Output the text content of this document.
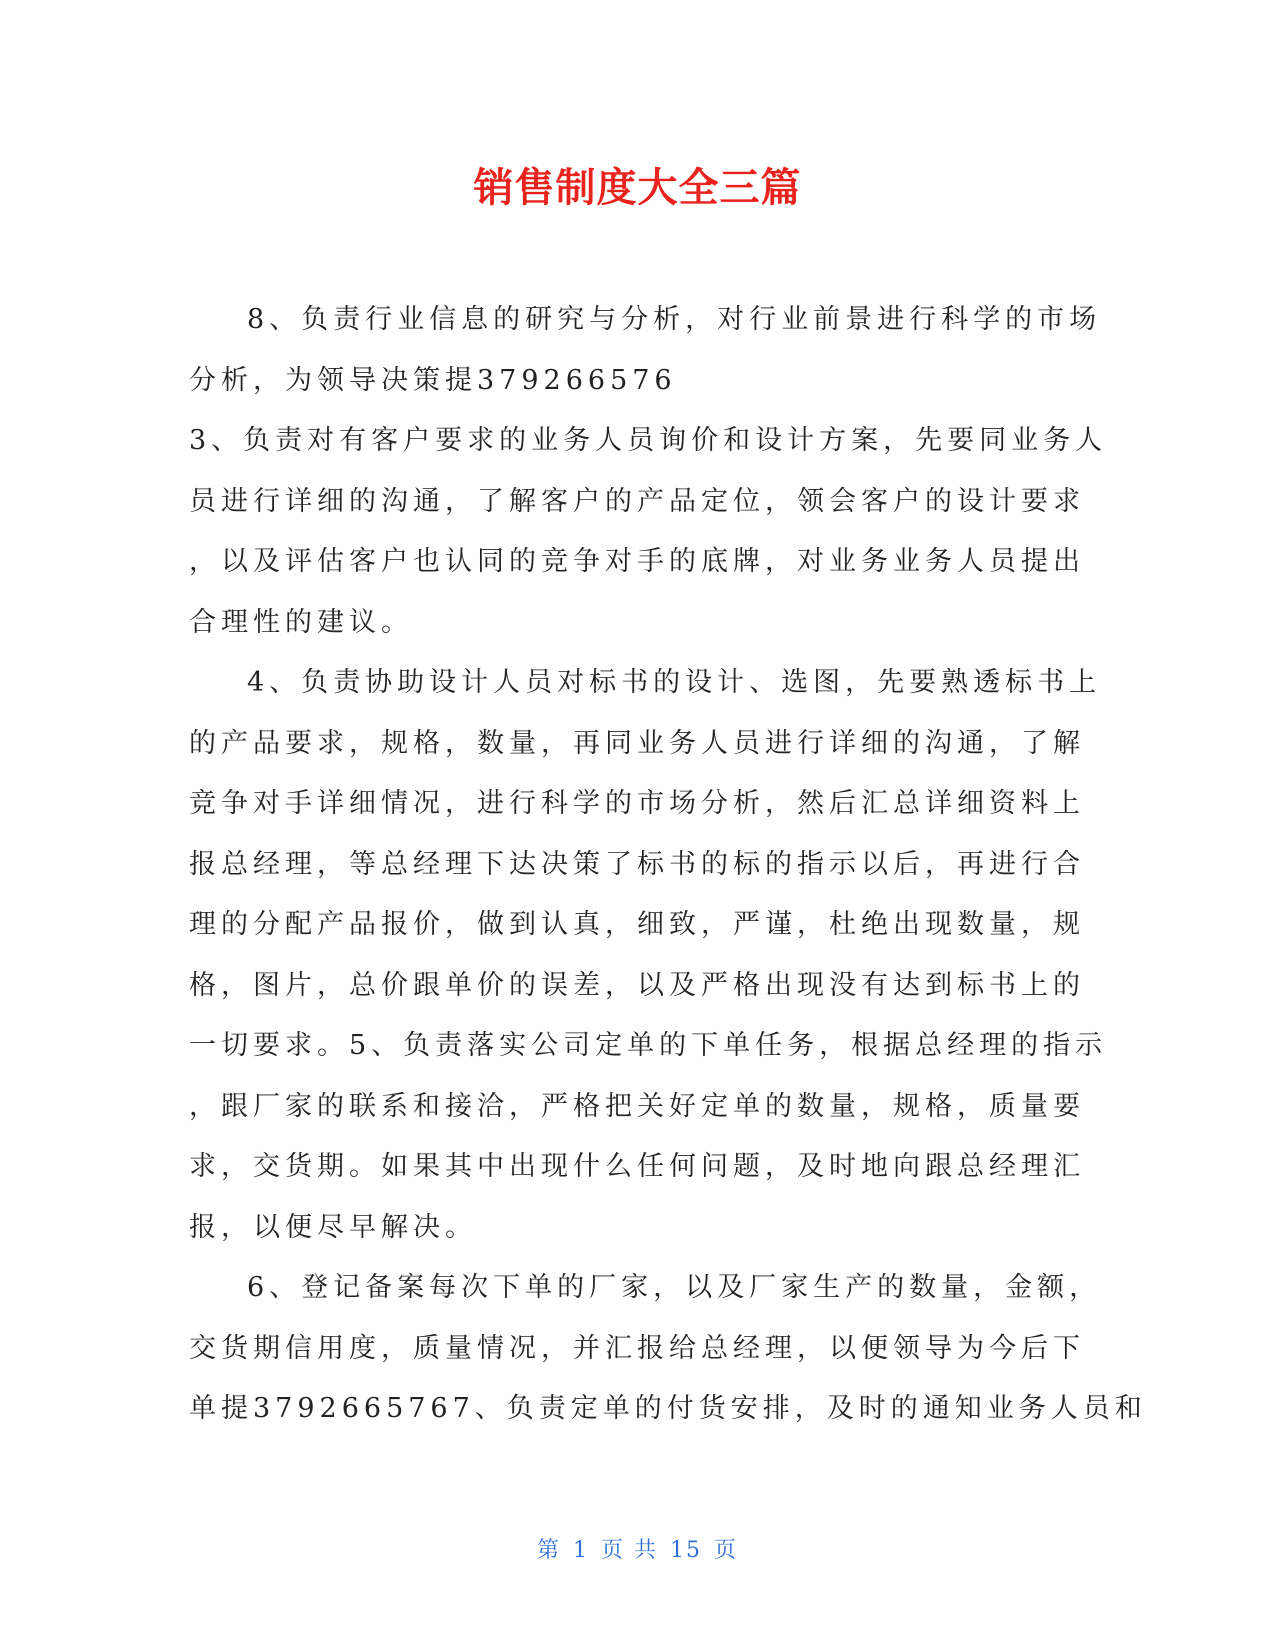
销售制度大全三篇
8、负责行业信息的研究与分析，对行业前景进行科学的市场
分析，为领导决策提379266576
3、负责对有客户要求的业务人员询价和设计方案，先要同业务人
员进行详细的沟通，了解客户的产品定位，领会客户的设计要求
，以及评估客户也认同的竞争对手的底牌，对业务业务人员提出
合理性的建议。
4、负责协助设计人员对标书的设计、选图，先要熟透标书上
的产品要求，规格，数量，再同业务人员进行详细的沟通，了解
竞争对手详细情况，进行科学的市场分析，然后汇总详细资料上
报总经理，等总经理下达决策了标书的标的指示以后，再进行合
理的分配产品报价，做到认真，细致，严谨，杜绝出现数量，规
格，图片，总价跟单价的误差，以及严格出现没有达到标书上的
一切要求。5、负责落实公司定单的下单任务，根据总经理的指示
，跟厂家的联系和接洽，严格把关好定单的数量，规格，质量要
求，交货期。如果其中出现什么任何问题，及时地向跟总经理汇
报，以便尽早解决。
6、登记备案每次下单的厂家，以及厂家生产的数量，金额，
交货期信用度，质量情况，并汇报给总经理，以便领导为今后下
单提3792665767、负责定单的付货安排，及时的通知业务人员和
第 1 页 共 15 页
